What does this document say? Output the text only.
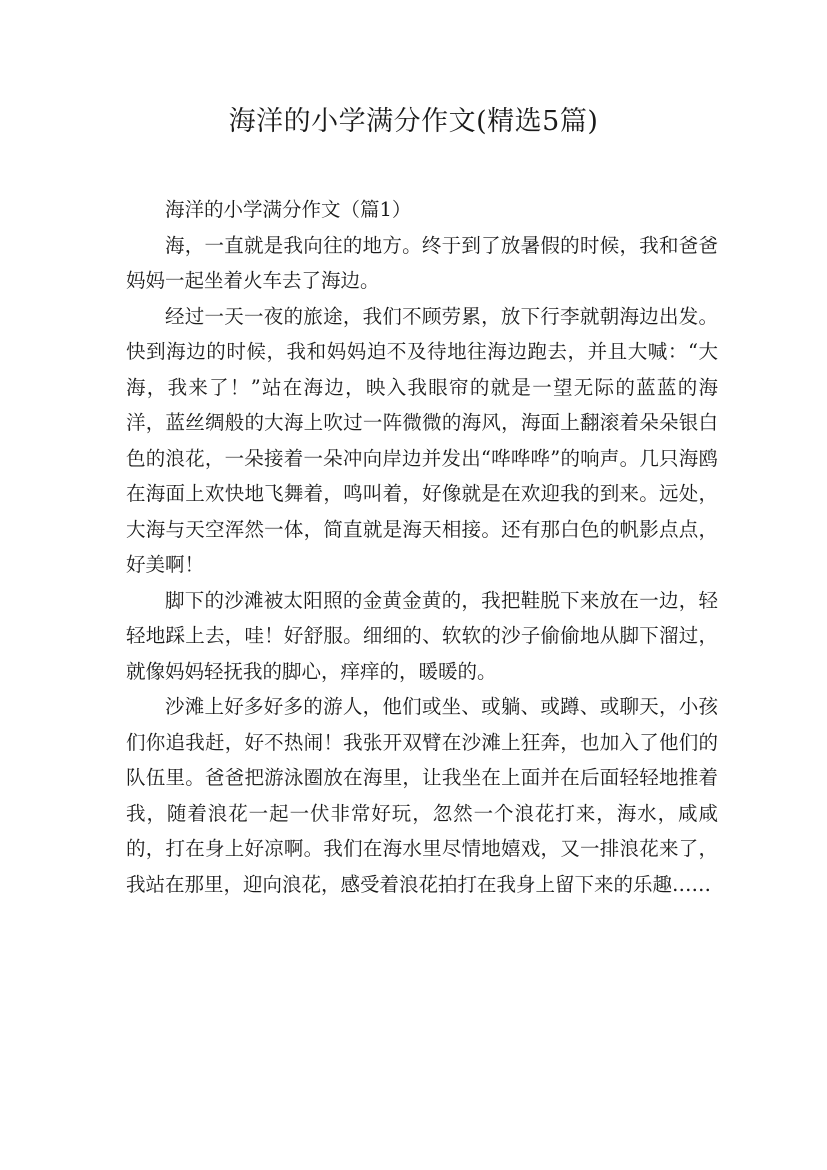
海洋的小学满分作文(精选5篇)

海洋的小学满分作文（篇1）

海，一直就是我向往的地方。终于到了放暑假的时候，我和爸爸妈妈一起坐着火车去了海边。

经过一天一夜的旅途，我们不顾劳累，放下行李就朝海边出发。快到海边的时候，我和妈妈迫不及待地往海边跑去，并且大喊：“大海，我来了！”站在海边，映入我眼帘的就是一望无际的蓝蓝的海洋，蓝丝绸般的大海上吹过一阵微微的海风，海面上翻滚着朵朵银白色的浪花，一朵接着一朵冲向岸边并发出“哗哗哗”的响声。几只海鸥在海面上欢快地飞舞着，鸣叫着，好像就是在欢迎我的到来。远处，大海与天空浑然一体，简直就是海天相接。还有那白色的帆影点点，好美啊！

脚下的沙滩被太阳照的金黄金黄的，我把鞋脱下来放在一边，轻轻地踩上去，哇！好舒服。细细的、软软的沙子偷偷地从脚下溜过，就像妈妈轻抚我的脚心，痒痒的，暖暖的。

沙滩上好多好多的游人，他们或坐、或躺、或蹲、或聊天，小孩们你追我赶，好不热闹！我张开双臂在沙滩上狂奔，也加入了他们的队伍里。爸爸把游泳圈放在海里，让我坐在上面并在后面轻轻地推着我，随着浪花一起一伏非常好玩，忽然一个浪花打来，海水，咸咸的，打在身上好凉啊。我们在海水里尽情地嬉戏，又一排浪花来了，我站在那里，迎向浪花，感受着浪花拍打在我身上留下来的乐趣……
